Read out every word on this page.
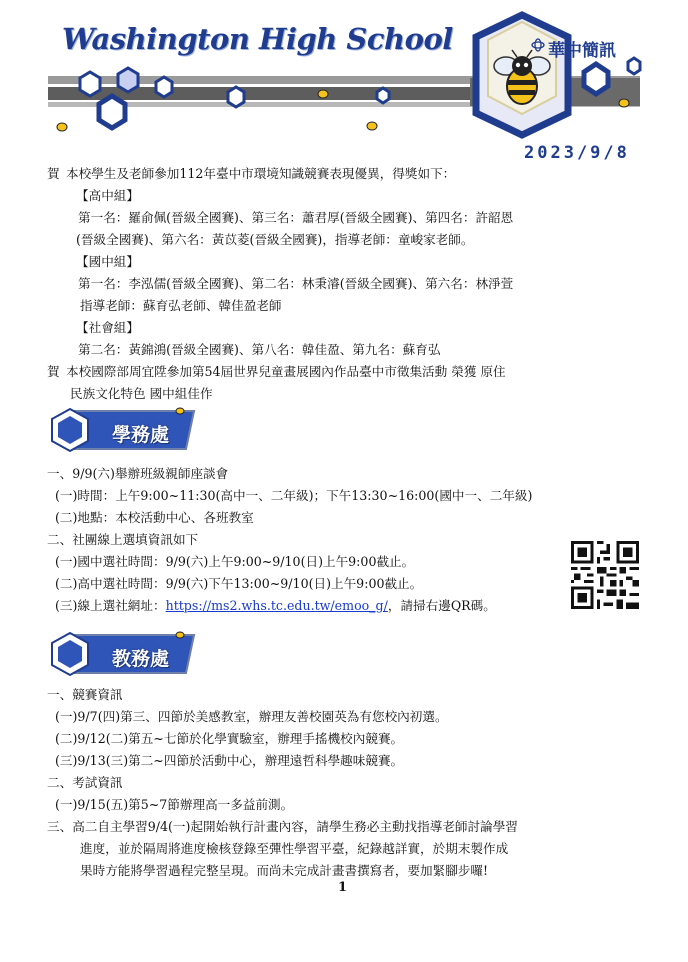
Washington High School	華中簡訊
2023/9/8
賀 本校學生及老師參加112年臺中市環境知識競賽表現優異，得獎如下：
【高中組】
第一名：羅俞佩(晉級全國賽)、第三名：蕭君厚(晉級全國賽)、第四名：許韶恩
(晉級全國賽)、第六名：黃苡菱(晉級全國賽)，指導老師：童峻家老師。
【國中組】
第一名：李泓儒(晉級全國賽)、第二名：林秉濬(晉級全國賽)、第六名：林淨萱
指導老師：蘇育弘老師、韓佳盈老師
【社會組】
第二名：黃錦鴻(晉級全國賽)、第八名：韓佳盈、第九名：蘇育弘
賀 本校國際部周宜陞參加第54屆世界兒童畫展國內作品臺中市徵集活動 榮獲 原住
民族文化特色 國中組佳作
學務處
一、9/9(六)舉辦班級親師座談會
(一)時間：上午9:00~11:30(高中一、二年級)；下午13:30~16:00(國中一、二年級)
(二)地點：本校活動中心、各班教室
二、社團線上選填資訊如下
(一)國中選社時間：9/9(六)上午9:00~9/10(日)上午9:00截止。
(二)高中選社時間：9/9(六)下午13:00~9/10(日)上午9:00截止。
(三)線上選社網址：https://ms2.whs.tc.edu.tw/emoo_g/，請掃右邊QR碼。
教務處
一、競賽資訊
(一)9/7(四)第三、四節於美感教室，辦理友善校園英為有您校內初選。
(二)9/12(二)第五~七節於化學實驗室，辦理手搖機校內競賽。
(三)9/13(三)第二~四節於活動中心，辦理遠哲科學趣味競賽。
二、考試資訊
(一)9/15(五)第5~7節辦理高一多益前測。
三、高二自主學習9/4(一)起開始執行計畫內容，請學生務必主動找指導老師討論學習
進度，並於隔周將進度檢核登錄至彈性學習平臺，紀錄越詳實，於期末製作成
果時方能將學習過程完整呈現。而尚未完成計畫書撰寫者，要加緊腳步囉!
1
